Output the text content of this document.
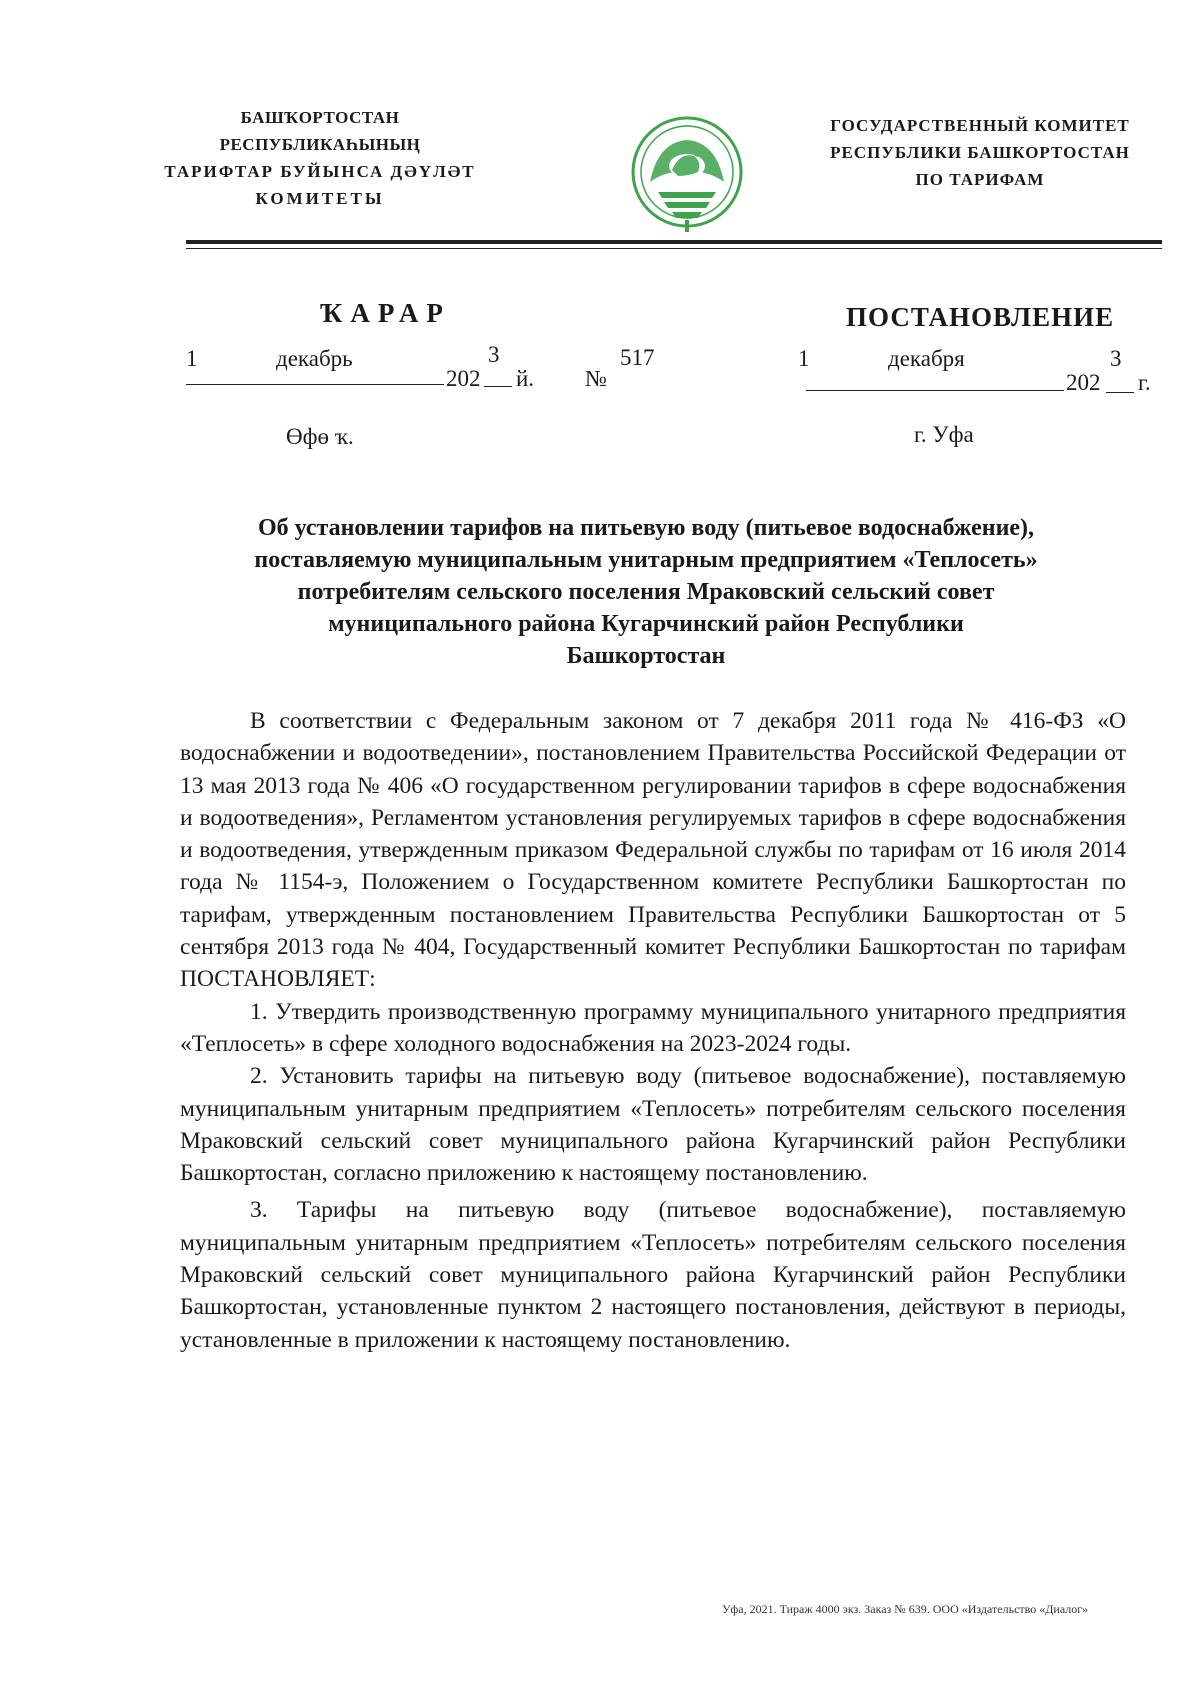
БАШҠОРТОСТАН РЕСПУБЛИКАҺЫНЫҢ
ТАРИФТАР БУЙЫНСА ДӘҮЛӘТ
КОМИТЕТЫ
ГОСУДАРСТВЕННЫЙ КОМИТЕТ
РЕСПУБЛИКИ БАШКОРТОСТАН
ПО ТАРИФАМ
ҠАРАР	ПОСТАНОВЛЕНИЕ
1	декабрь
202
3
й. №
517	1	декабря
202
3
г.
Өфө ҡ.	г. Уфа
Об установлении тарифов на питьевую воду (питьевое водоснабжение),
поставляемую муниципальным унитарным предприятием «Теплосеть»
потребителям сельского поселения Мраковский сельский совет
муниципального района Кугарчинский район Республики
Башкортостан

В соответствии с Федеральным законом от 7 декабря 2011 года № 416-ФЗ «О водоснабжении и водоотведении», постановлением Правительства Российской Федерации от 13 мая 2013 года № 406 «О государственном регулировании тарифов в сфере водоснабжения и водоотведения», Регламентом установления регулируемых тарифов в сфере водоснабжения и водоотведения, утвержденным приказом Федеральной службы по тарифам от 16 июля 2014 года № 1154-э, Положением о Государственном комитете Республики Башкортостан по тарифам, утвержденным постановлением Правительства Республики Башкортостан от 5 сентября 2013 года № 404, Государственный комитет Республики Башкортостан по тарифам ПОСТАНОВЛЯЕТ:

1. Утвердить производственную программу муниципального унитарного предприятия «Теплосеть» в сфере холодного водоснабжения на 2023-2024 годы.

2. Установить тарифы на питьевую воду (питьевое водоснабжение), поставляемую муниципальным унитарным предприятием «Теплосеть» потребителям сельского поселения Мраковский сельский совет муниципального района Кугарчинский район Республики Башкортостан, согласно приложению к настоящему постановлению.

3. Тарифы на питьевую воду (питьевое водоснабжение), поставляемую муниципальным унитарным предприятием «Теплосеть» потребителям сельского поселения Мраковский сельский совет муниципального района Кугарчинский район Республики Башкортостан, установленные пунктом 2 настоящего постановления, действуют в периоды, установленные в приложении к настоящему постановлению.

Уфа, 2021. Тираж 4000 экз. Заказ № 639. ООО «Издательство «Диалог»
